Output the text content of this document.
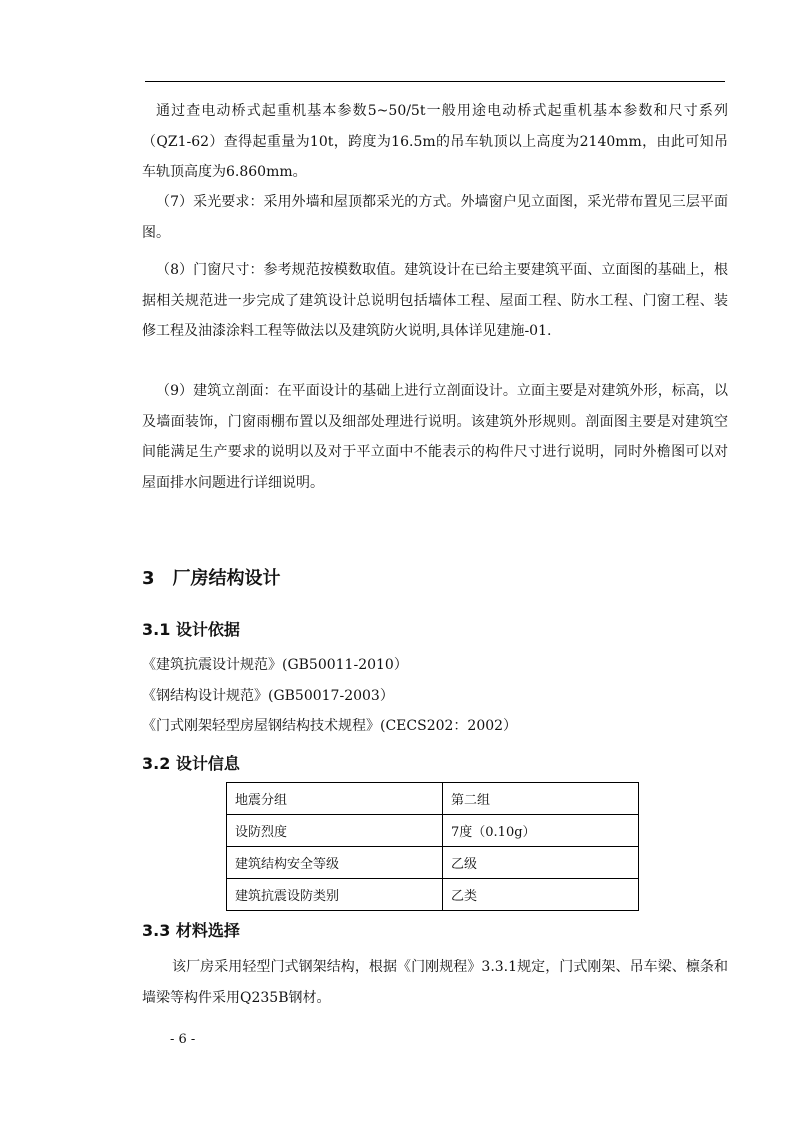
通过查电动桥式起重机基本参数5~50/5t一般用途电动桥式起重机基本参数和尺寸系列（QZ1-62）查得起重量为10t，跨度为16.5m的吊车轨顶以上高度为2140mm，由此可知吊车轨顶高度为6.860mm。

（7）采光要求：采用外墙和屋顶都采光的方式。外墙窗户见立面图，采光带布置见三层平面图。

（8）门窗尺寸：参考规范按模数取值。建筑设计在已给主要建筑平面、立面图的基础上，根据相关规范进一步完成了建筑设计总说明包括墙体工程、屋面工程、防水工程、门窗工程、装修工程及油漆涂料工程等做法以及建筑防火说明,具体详见建施-01.

（9）建筑立剖面：在平面设计的基础上进行立剖面设计。立面主要是对建筑外形，标高，以及墙面装饰，门窗雨棚布置以及细部处理进行说明。该建筑外形规则。剖面图主要是对建筑空间能满足生产要求的说明以及对于平立面中不能表示的构件尺寸进行说明，同时外檐图可以对屋面排水问题进行详细说明。

3　厂房结构设计
3.1 设计依据

《建筑抗震设计规范》(GB50011-2010）

《钢结构设计规范》(GB50017-2003）

《门式刚架轻型房屋钢结构技术规程》(CECS202：2002）

3.2 设计信息
地震分组	第二组
设防烈度	7度（0.10g）
建筑结构安全等级	乙级
建筑抗震设防类别	乙类
3.3 材料选择

该厂房采用轻型门式钢架结构，根据《门刚规程》3.3.1规定，门式刚架、吊车梁、檩条和墙梁等构件采用Q235B钢材。

- 6 -
